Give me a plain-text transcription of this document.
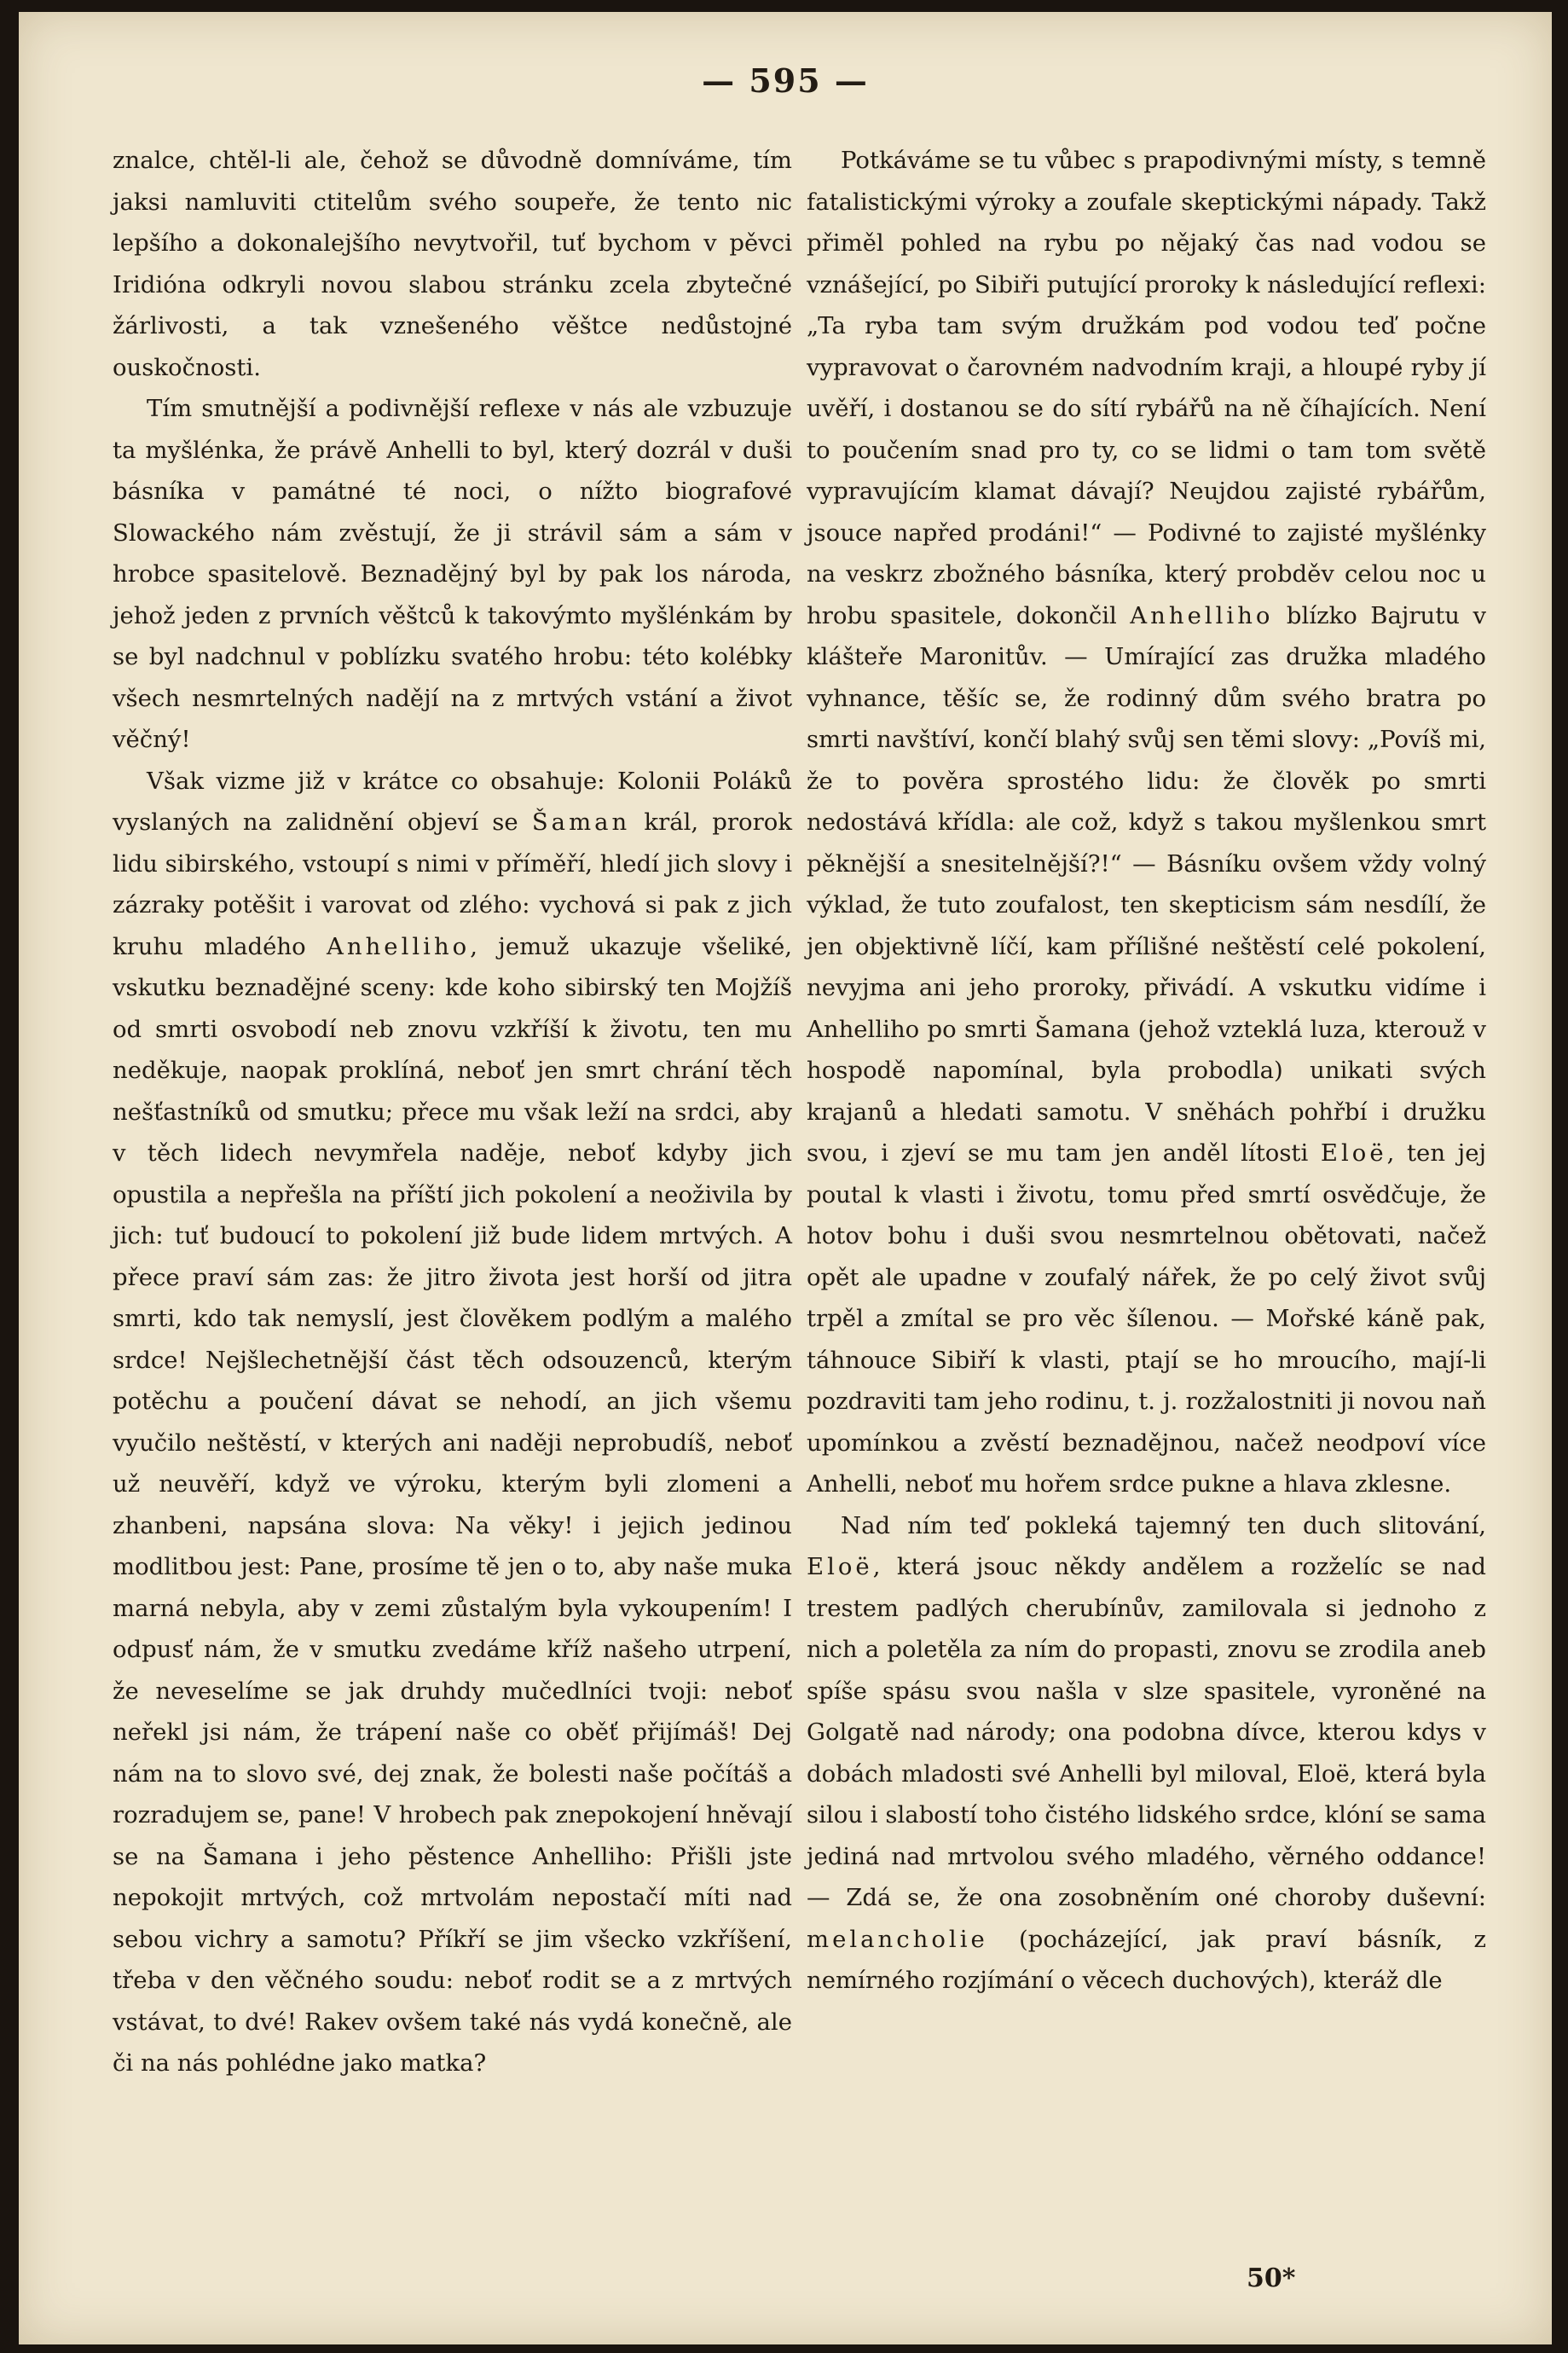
— 595 —

znalce, chtěl-li ale, čehož se důvodně domníváme, tím jaksi namluviti ctitelům svého soupeře, že tento nic lepšího a dokonalejšího nevytvořil, tuť bychom v pěvci Iridióna odkryli novou slabou stránku zcela zbytečné žárlivosti, a tak vznešeného věštce nedůstojné ouskočnosti.

Tím smutnější a podivnější reflexe v nás ale vzbuzuje ta myšlénka, že právě Anhelli to byl, který dozrál v duši básníka v památné té noci, o nížto biografové Slowackého nám zvěstují, že ji strávil sám a sám v hrobce spasitelově. Beznadějný byl by pak los národa, jehož jeden z prvních věštců k takovýmto myšlénkám by se byl nadchnul v poblízku svatého hrobu: této kolébky všech nesmrtelných nadějí na z mrtvých vstání a život věčný!

Však vizme již v krátce co obsahuje: Kolonii Poláků vyslaných na zalidnění objeví se Šaman král, prorok lidu sibirského, vstoupí s nimi v příměří, hledí jich slovy i zázraky potěšit i varovat od zlého: vychová si pak z jich kruhu mladého Anhelliho, jemuž ukazuje všeliké, vskutku beznadějné sceny: kde koho sibirský ten Mojžíš od smrti osvobodí neb znovu vzkříší k životu, ten mu neděkuje, naopak proklíná, neboť jen smrt chrání těch nešťastníků od smutku; přece mu však leží na srdci, aby v těch lidech nevymřela naděje, neboť kdyby jich opustila a nepřešla na příští jich pokolení a neoživila by jich: tuť budoucí to pokolení již bude lidem mrtvých. A přece praví sám zas: že jitro života jest horší od jitra smrti, kdo tak nemyslí, jest člověkem podlým a malého srdce! Nejšlechetnější část těch odsouzenců, kterým potěchu a poučení dávat se nehodí, an jich všemu vyučilo neštěstí, v kterých ani naději neprobudíš, neboť už neuvěří, když ve výroku, kterým byli zlomeni a zhanbeni, napsána slova: Na věky! i jejich jedinou modlitbou jest: Pane, prosíme tě jen o to, aby naše muka marná nebyla, aby v zemi zůstalým byla vykoupením! I odpusť nám, že v smutku zvedáme kříž našeho utrpení, že neveselíme se jak druhdy mučedlníci tvoji: neboť neřekl jsi nám, že trápení naše co oběť přijímáš! Dej nám na to slovo své, dej znak, že bolesti naše počítáš a rozradujem se, pane! V hrobech pak znepokojení hněvají se na Šamana i jeho pěstence Anhelliho: Přišli jste nepokojit mrtvých, což mrtvolám nepostačí míti nad sebou vichry a samotu? Příkří se jim všecko vzkříšení, třeba v den věčného soudu: neboť rodit se a z mrtvých vstávat, to dvé! Rakev ovšem také nás vydá konečně, ale či na nás pohlédne jako matka?

Potkáváme se tu vůbec s prapodivnými místy, s temně fatalistickými výroky a zoufale skeptickými nápady. Takž přiměl pohled na rybu po nějaký čas nad vodou se vznášející, po Sibiři putující proroky k následující reflexi: „Ta ryba tam svým družkám pod vodou teď počne vypravovat o čarovném nadvodním kraji, a hloupé ryby jí uvěří, i dostanou se do sítí rybářů na ně číhajících. Není to poučením snad pro ty, co se lidmi o tam tom světě vypravujícím klamat dávají? Neujdou zajisté rybářům, jsouce napřed prodáni!“ — Podivné to zajisté myšlénky na veskrz zbožného básníka, který probděv celou noc u hrobu spasitele, dokončil Anhelliho blízko Bajrutu v klášteře Maronitův. — Umírající zas družka mladého vyhnance, těšíc se, že rodinný dům svého bratra po smrti navštíví, končí blahý svůj sen těmi slovy: „Povíš mi, že to pověra sprostého lidu: že člověk po smrti nedostává křídla: ale což, když s takou myšlenkou smrt pěknější a snesitelnější?!“ — Básníku ovšem vždy volný výklad, že tuto zoufalost, ten skepticism sám nesdílí, že jen objektivně líčí, kam přílišné neštěstí celé pokolení, nevyjma ani jeho proroky, přivádí. A vskutku vidíme i Anhelliho po smrti Šamana (jehož vzteklá luza, kterouž v hospodě napomínal, byla probodla) unikati svých krajanů a hledati samotu. V sněhách pohřbí i družku svou, i zjeví se mu tam jen anděl lítosti Eloë, ten jej poutal k vlasti i životu, tomu před smrtí osvědčuje, že hotov bohu i duši svou nesmrtelnou obětovati, načež opět ale upadne v zoufalý nářek, že po celý život svůj trpěl a zmítal se pro věc šílenou. — Mořské káně pak, táhnouce Sibiří k vlasti, ptají se ho mroucího, mají-li pozdraviti tam jeho rodinu, t. j. rozžalostniti ji novou naň upomínkou a zvěstí beznadějnou, načež neodpoví více Anhelli, neboť mu hořem srdce pukne a hlava zklesne.

Nad ním teď pokleká tajemný ten duch slitování, Eloë, která jsouc někdy andělem a rozželíc se nad trestem padlých cherubínův, zamilovala si jednoho z nich a poletěla za ním do propasti, znovu se zrodila aneb spíše spásu svou našla v slze spasitele, vyroněné na Golgatě nad národy; ona podobna dívce, kterou kdys v dobách mladosti své Anhelli byl miloval, Eloë, která byla silou i slabostí toho čistého lidského srdce, klóní se sama jediná nad mrtvolou svého mladého, věrného oddance! — Zdá se, že ona zosobněním oné choroby duševní: melancholie (pocházející, jak praví básník, z nemírného rozjímání o věcech duchových), kteráž dle

50*
